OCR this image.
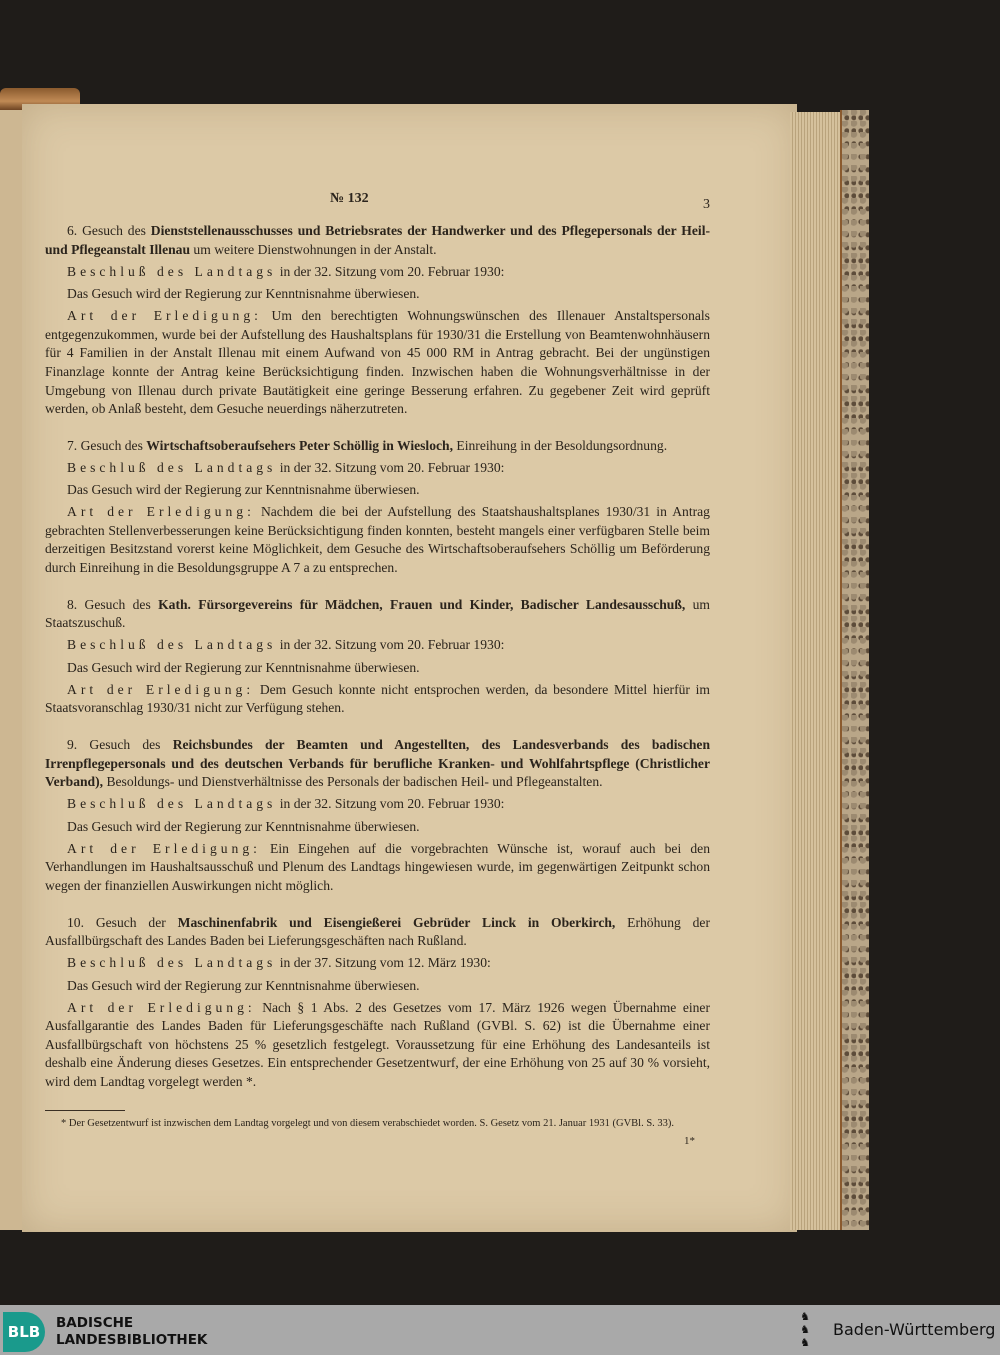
№ 132	3

6. Gesuch des Dienststellenausschusses und Betriebsrates der Handwerker und des Pflegepersonals der Heil- und Pflegeanstalt Illenau um weitere Dienstwohnungen in der Anstalt.

Beschluß des Landtags in der 32. Sitzung vom 20. Februar 1930:

Das Gesuch wird der Regierung zur Kenntnisnahme überwiesen.

Art der Erledigung: Um den berechtigten Wohnungswünschen des Illenauer Anstaltspersonals entgegenzukommen, wurde bei der Aufstellung des Haushaltsplans für 1930/31 die Erstellung von Beamtenwohnhäusern für 4 Familien in der Anstalt Illenau mit einem Aufwand von 45 000 RM in Antrag gebracht. Bei der ungünstigen Finanzlage konnte der Antrag keine Berücksichtigung finden. Inzwischen haben die Wohnungsverhältnisse in der Umgebung von Illenau durch private Bautätigkeit eine geringe Besserung erfahren. Zu gegebener Zeit wird geprüft werden, ob Anlaß besteht, dem Gesuche neuerdings näherzutreten.

7. Gesuch des Wirtschaftsoberaufsehers Peter Schöllig in Wiesloch, Einreihung in der Besoldungsordnung.

Beschluß des Landtags in der 32. Sitzung vom 20. Februar 1930:

Das Gesuch wird der Regierung zur Kenntnisnahme überwiesen.

Art der Erledigung: Nachdem die bei der Aufstellung des Staatshaushaltsplanes 1930/31 in Antrag gebrachten Stellenverbesserungen keine Berücksichtigung finden konnten, besteht mangels einer verfügbaren Stelle beim derzeitigen Besitzstand vorerst keine Möglichkeit, dem Gesuche des Wirtschaftsoberaufsehers Schöllig um Beförderung durch Einreihung in die Besoldungsgruppe A 7 a zu entsprechen.

8. Gesuch des Kath. Fürsorgevereins für Mädchen, Frauen und Kinder, Badischer Landesausschuß, um Staatszuschuß.

Beschluß des Landtags in der 32. Sitzung vom 20. Februar 1930:

Das Gesuch wird der Regierung zur Kenntnisnahme überwiesen.

Art der Erledigung: Dem Gesuch konnte nicht entsprochen werden, da besondere Mittel hierfür im Staatsvoranschlag 1930/31 nicht zur Verfügung stehen.

9. Gesuch des Reichsbundes der Beamten und Angestellten, des Landesverbands des badischen Irrenpflegepersonals und des deutschen Verbands für berufliche Kranken- und Wohlfahrtspflege (Christlicher Verband), Besoldungs- und Dienstverhältnisse des Personals der badischen Heil- und Pflegeanstalten.

Beschluß des Landtags in der 32. Sitzung vom 20. Februar 1930:

Das Gesuch wird der Regierung zur Kenntnisnahme überwiesen.

Art der Erledigung: Ein Eingehen auf die vorgebrachten Wünsche ist, worauf auch bei den Verhandlungen im Haushaltsausschuß und Plenum des Landtags hingewiesen wurde, im gegenwärtigen Zeitpunkt schon wegen der finanziellen Auswirkungen nicht möglich.

10. Gesuch der Maschinenfabrik und Eisengießerei Gebrüder Linck in Oberkirch, Erhöhung der Ausfallbürgschaft des Landes Baden bei Lieferungsgeschäften nach Rußland.

Beschluß des Landtags in der 37. Sitzung vom 12. März 1930:

Das Gesuch wird der Regierung zur Kenntnisnahme überwiesen.

Art der Erledigung: Nach § 1 Abs. 2 des Gesetzes vom 17. März 1926 wegen Übernahme einer Ausfallgarantie des Landes Baden für Lieferungsgeschäfte nach Rußland (GVBl. S. 62) ist die Übernahme einer Ausfallbürgschaft von höchstens 25 % gesetzlich festgelegt. Voraussetzung für eine Erhöhung des Landesanteils ist deshalb eine Änderung dieses Gesetzes. Ein entsprechender Gesetzentwurf, der eine Erhöhung von 25 auf 30 % vorsieht, wird dem Landtag vorgelegt werden *.

* Der Gesetzentwurf ist inzwischen dem Landtag vorgelegt und von diesem verabschiedet worden. S. Gesetz vom 21. Januar 1931 (GVBl. S. 33).

1*
BLB	BADISCHE
LANDESBIBLIOTHEK
♞
♞
♞
Baden-Württemberg
